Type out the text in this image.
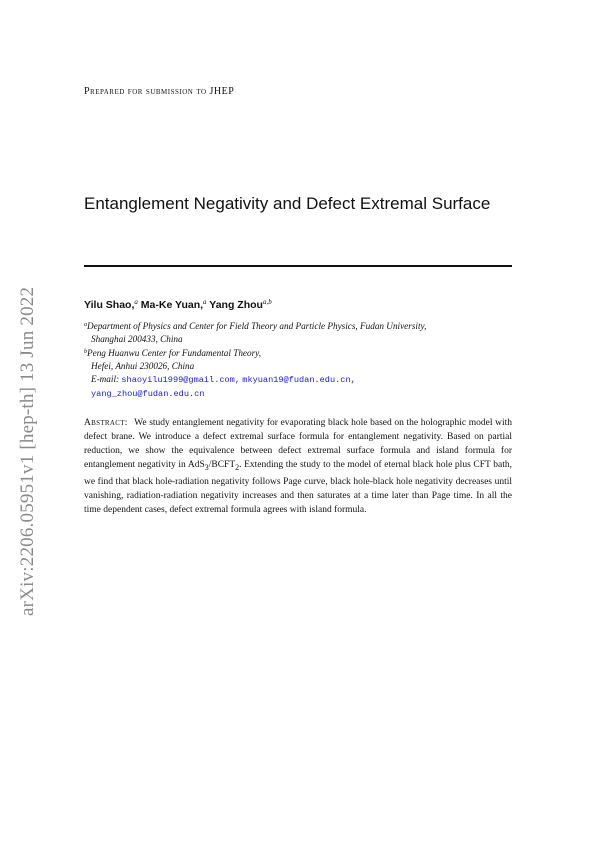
arXiv:2206.05951v1 [hep-th] 13 Jun 2022
Prepared for submission to JHEP
Entanglement Negativity and Defect Extremal Surface
Yilu Shao,$^a$ Ma-Ke Yuan,$^a$ Yang Zhou$^{a,b}$
$^a$Department of Physics and Center for Field Theory and Particle Physics, Fudan University,
Shanghai 200433, China
$^b$Peng Huanwu Center for Fundamental Theory,
Hefei, Anhui 230026, China
E-mail: shaoyilu1999@gmail.com, mkyuan19@fudan.edu.cn,
yang_zhou@fudan.edu.cn
Abstract: We study entanglement negativity for evaporating black hole based on the holographic model with defect brane. We introduce a defect extremal surface formula for entanglement negativity. Based on partial reduction, we show the equivalence between defect extremal surface formula and island formula for entanglement negativity in $AdS_3/BCFT_2$. Extending the study to the model of eternal black hole plus CFT bath, we find that black hole-radiation negativity follows Page curve, black hole-black hole negativity decreases until vanishing, radiation-radiation negativity increases and then saturates at a time later than Page time. In all the time dependent cases, defect extremal formula agrees with island formula.
